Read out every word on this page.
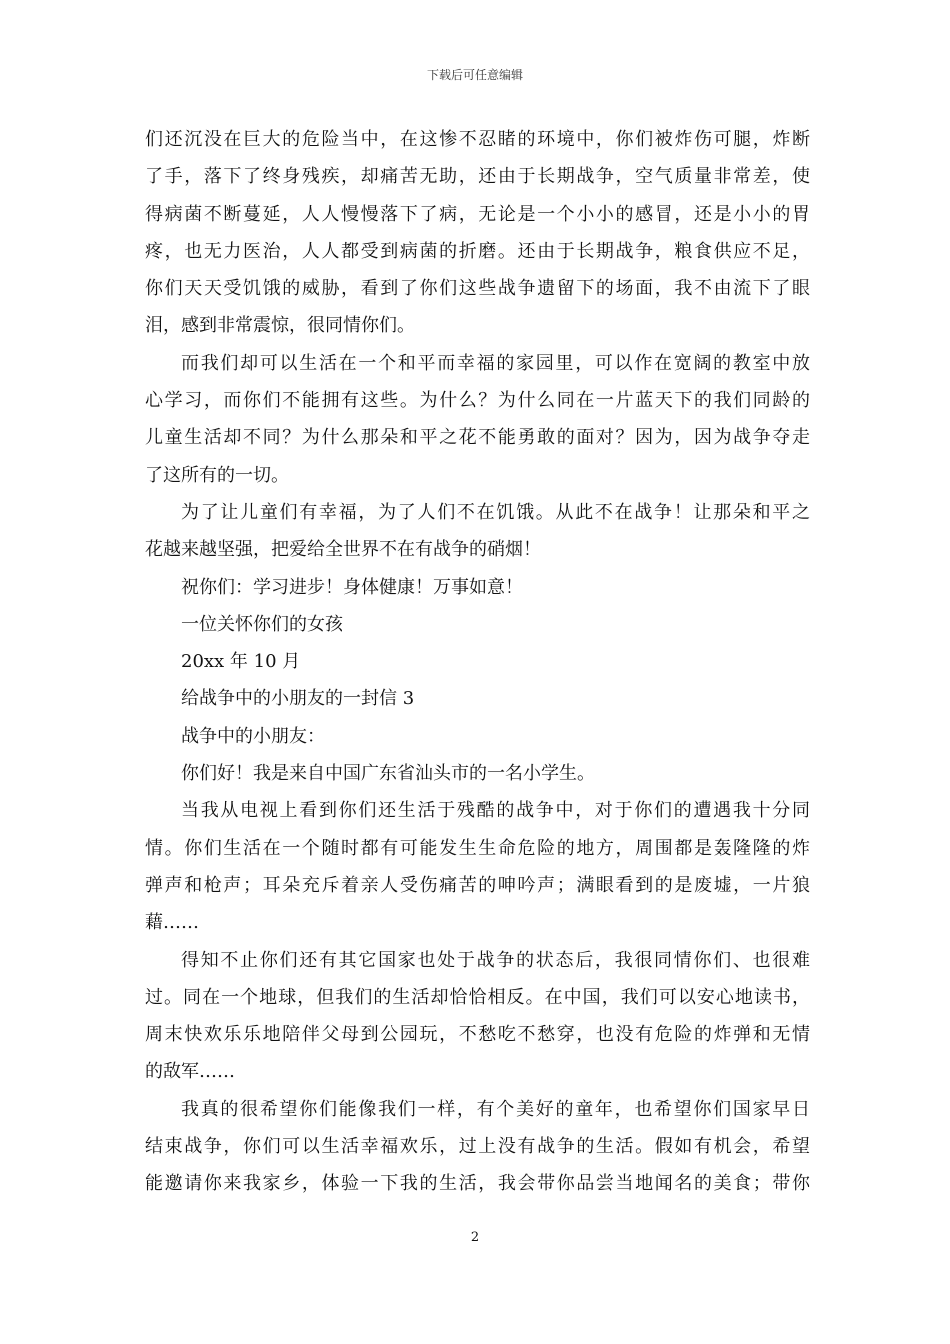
下载后可任意编辑
们还沉没在巨大的危险当中，在这惨不忍睹的环境中，你们被炸伤可腿，炸断
了手，落下了终身残疾，却痛苦无助，还由于长期战争，空气质量非常差，使
得病菌不断蔓延，人人慢慢落下了病，无论是一个小小的感冒，还是小小的胃
疼，也无力医治，人人都受到病菌的折磨。还由于长期战争，粮食供应不足，
你们天天受饥饿的威胁，看到了你们这些战争遗留下的场面，我不由流下了眼
泪，感到非常震惊，很同情你们。
而我们却可以生活在一个和平而幸福的家园里，可以作在宽阔的教室中放
心学习，而你们不能拥有这些。为什么？为什么同在一片蓝天下的我们同龄的
儿童生活却不同？为什么那朵和平之花不能勇敢的面对？因为，因为战争夺走
了这所有的一切。
为了让儿童们有幸福，为了人们不在饥饿。从此不在战争！让那朵和平之
花越来越坚强，把爱给全世界不在有战争的硝烟！
祝你们：学习进步！身体健康！万事如意！
一位关怀你们的女孩
20xx 年 10 月
给战争中的小朋友的一封信 3
战争中的小朋友：
你们好！我是来自中国广东省汕头市的一名小学生。
当我从电视上看到你们还生活于残酷的战争中，对于你们的遭遇我十分同
情。你们生活在一个随时都有可能发生生命危险的地方，周围都是轰隆隆的炸
弹声和枪声；耳朵充斥着亲人受伤痛苦的呻吟声；满眼看到的是废墟，一片狼
藉……
得知不止你们还有其它国家也处于战争的状态后，我很同情你们、也很难
过。同在一个地球，但我们的生活却恰恰相反。在中国，我们可以安心地读书，
周末快欢乐乐地陪伴父母到公园玩，不愁吃不愁穿，也没有危险的炸弹和无情
的敌军……
我真的很希望你们能像我们一样，有个美好的童年，也希望你们国家早日
结束战争，你们可以生活幸福欢乐，过上没有战争的生活。假如有机会，希望
能邀请你来我家乡，体验一下我的生活，我会带你品尝当地闻名的美食；带你
2
